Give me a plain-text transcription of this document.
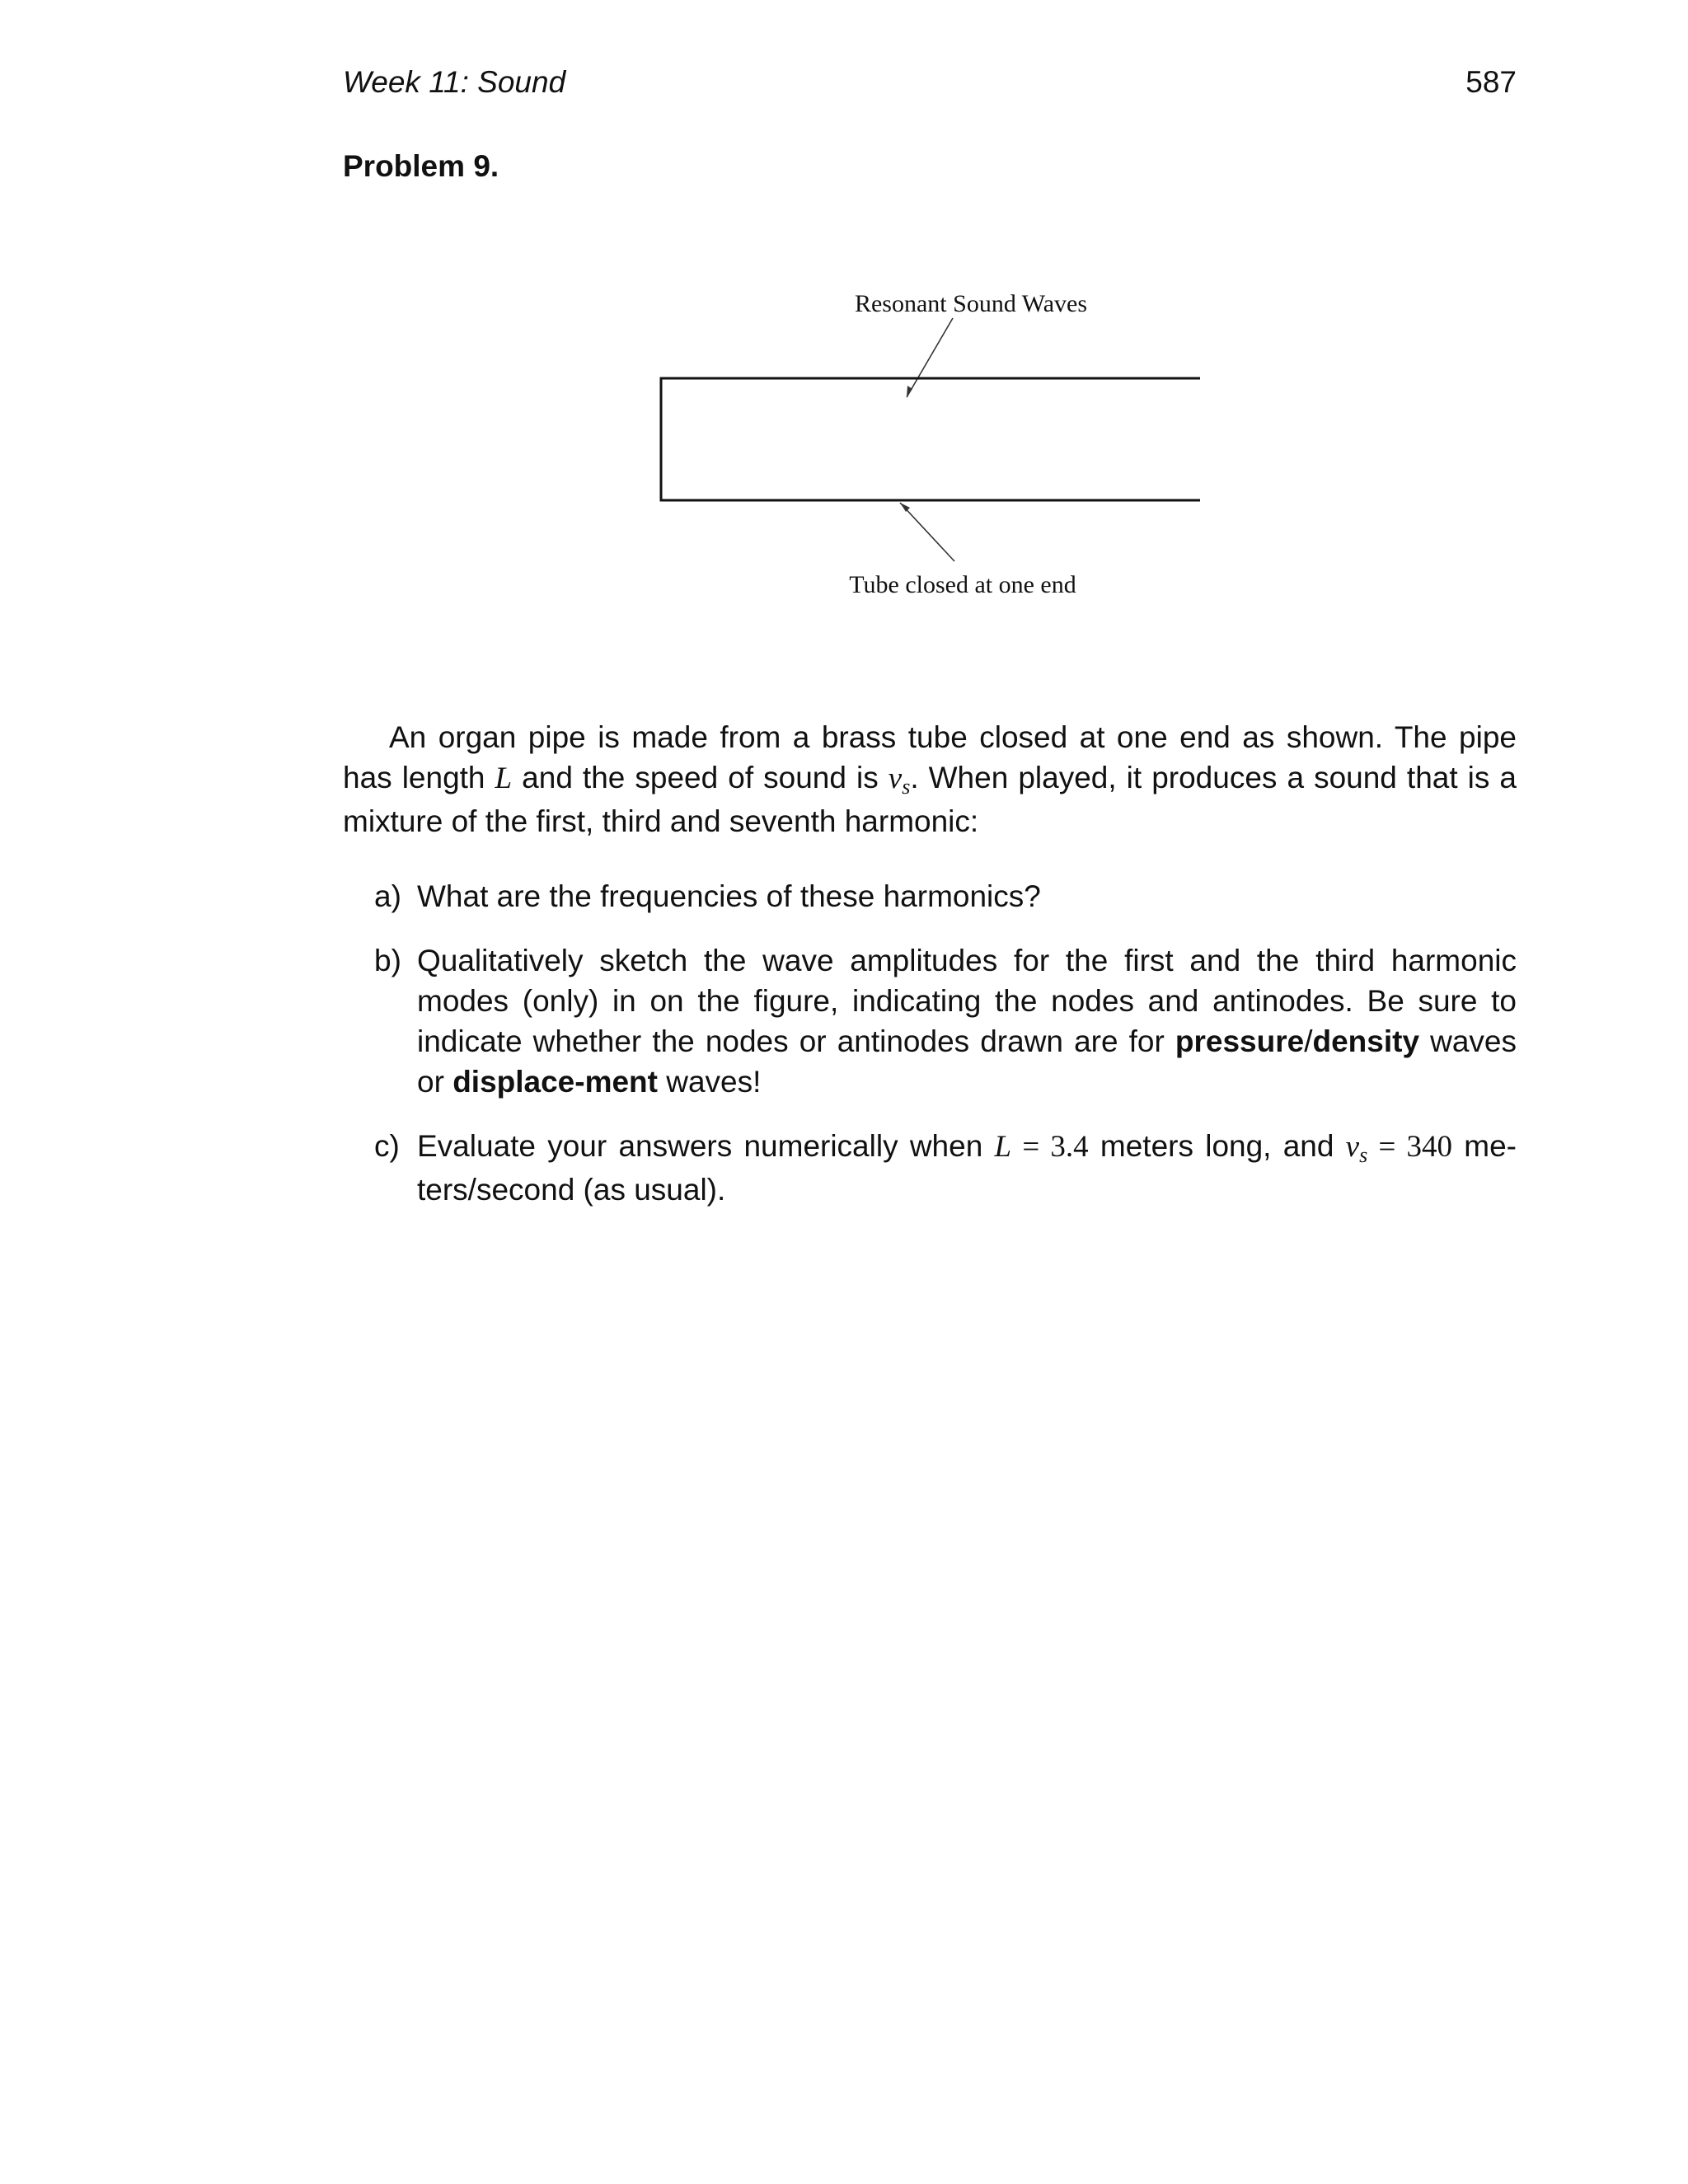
Week 11: Sound	587
Problem 9.
Resonant Sound Waves
Tube closed at one end
An organ pipe is made from a brass tube closed at one end as shown. The pipe has length L and the speed of sound is vs. When played, it produces a sound that is a mixture of the first, third and seventh harmonic:
a) What are the frequencies of these harmonics?
b) Qualitatively sketch the wave amplitudes for the first and the third harmonic modes (only) in on the figure, indicating the nodes and antinodes. Be sure to indicate whether the nodes or antinodes drawn are for pressure/density waves or displace-ment waves!
c) Evaluate your answers numerically when L = 3.4 meters long, and vs = 340 me-ters/second (as usual).
